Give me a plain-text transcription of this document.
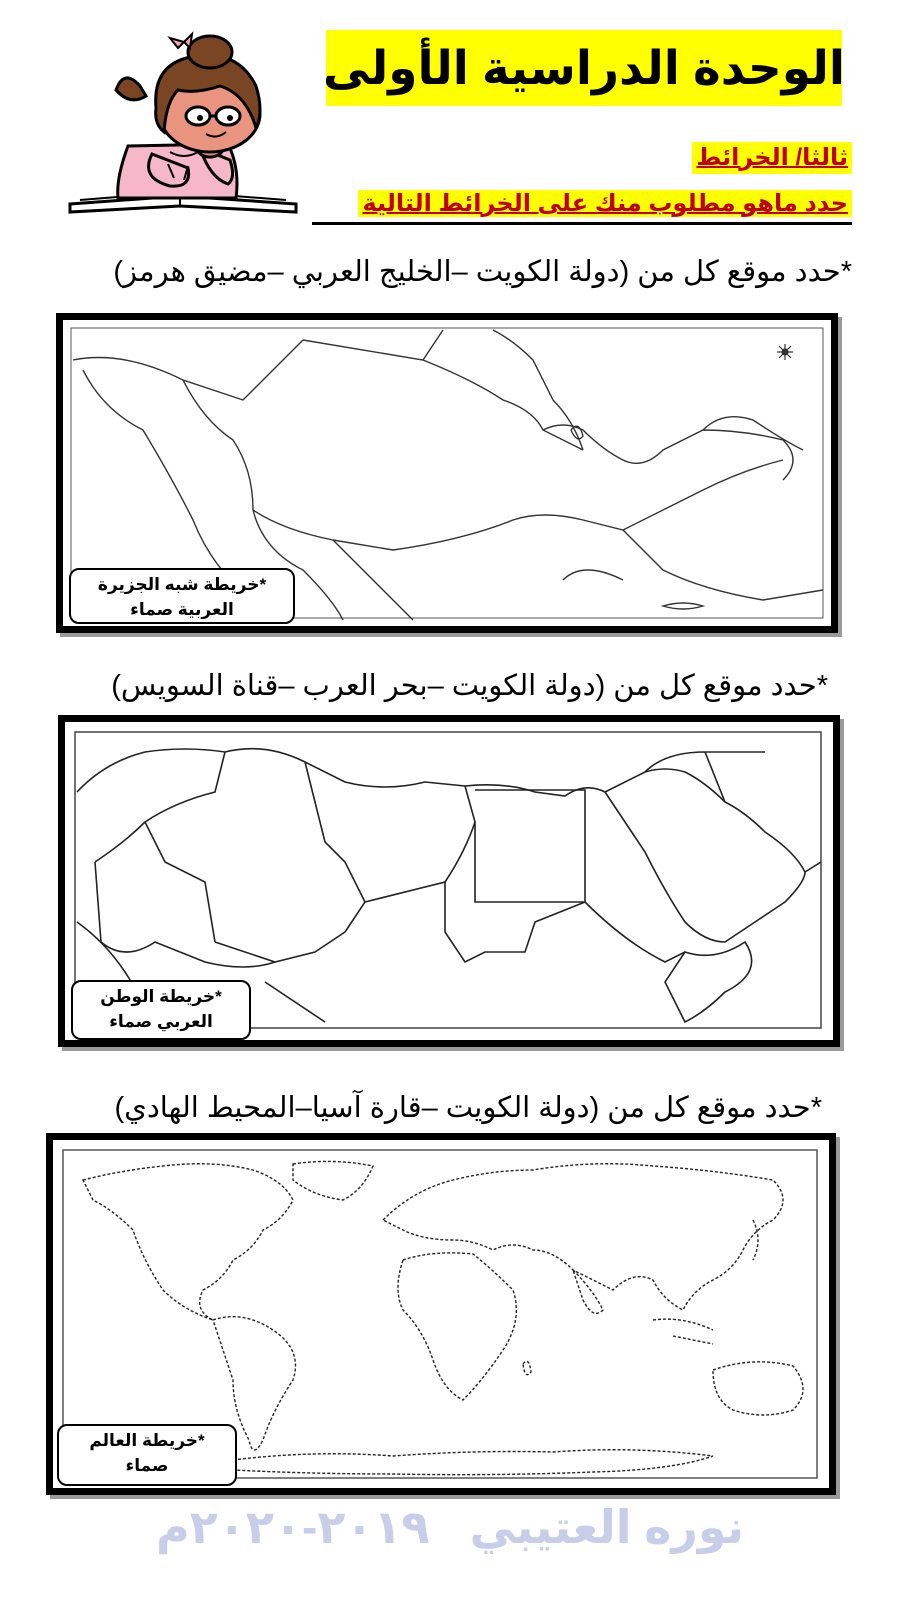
الوحدة الدراسية الأولى
ثالثا/ الخرائط
حدد ماهو مطلوب منك على الخرائط التالية
*حدد موقع كل من (دولة الكويت –الخليج العربي –مضيق هرمز)
*خريطة شبه الجزيرة
العربية صماء
*حدد موقع كل من (دولة الكويت –بحر العرب –قناة السويس)
*خريطة الوطن
العربي صماء
*حدد موقع كل من (دولة الكويت –قارة آسيا–المحيط الهادي)
*خريطة العالم
صماء
نوره العتيبي٢٠١٩-٢٠٢٠م
